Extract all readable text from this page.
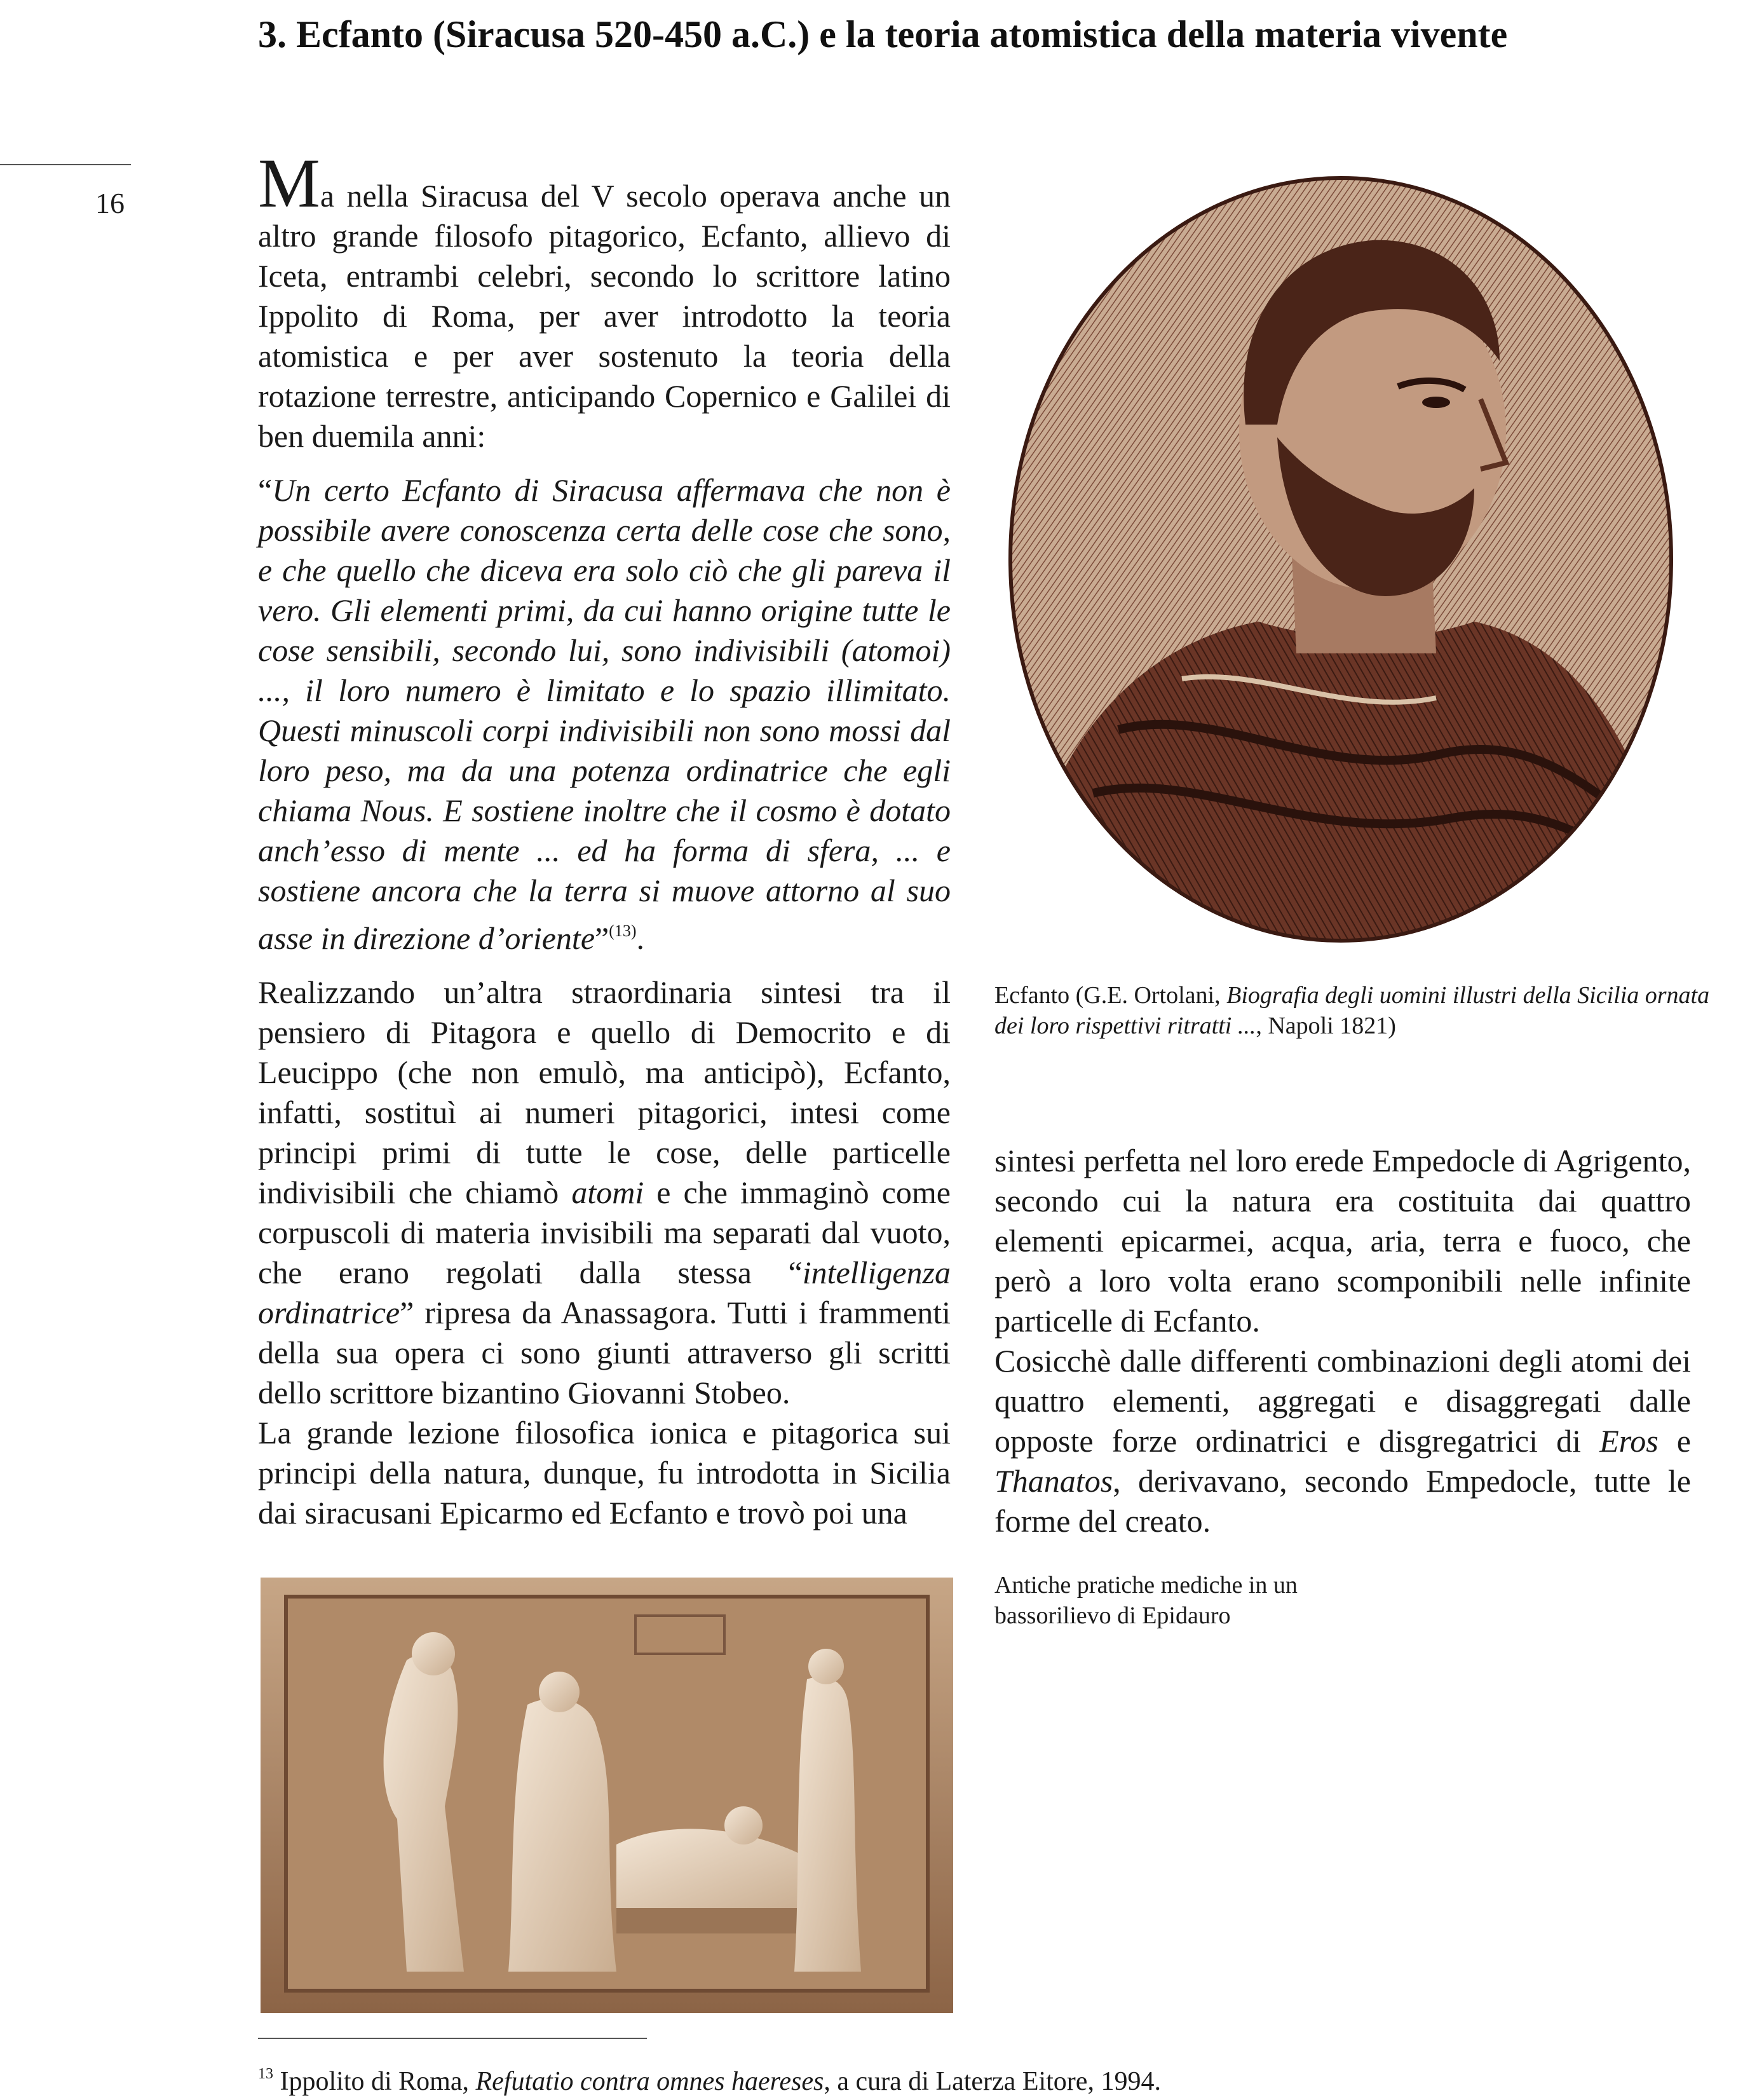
3. Ecfanto (Siracusa 520-450 a.C.) e la teoria atomistica della materia vivente
16 Ma nella Siracusa del V secolo operava anche un altro grande filosofo pitagorico, Ecfanto, allievo di Iceta, entrambi celebri, secondo lo scrittore latino Ippolito di Roma, per aver introdotto la teoria atomistica e per aver sostenuto la teoria della rotazione terrestre, anticipando Copernico e Galilei di ben duemila anni:

“Un certo Ecfanto di Siracusa affermava che non è possibile avere conoscenza certa delle cose che sono, e che quello che diceva era solo ciò che gli pareva il vero. Gli elementi primi, da cui hanno origine tutte le cose sensibili, secondo lui, sono indivisibili (atomoi) ..., il loro numero è limitato e lo spazio illimitato. Questi minuscoli corpi indivisibili non sono mossi dal loro peso, ma da una potenza ordinatrice che egli chiama Nous. E sostiene inoltre che il cosmo è dotato anch’esso di mente ... ed ha forma di sfera, ... e sostiene ancora che la terra si muove attorno al suo asse in direzione d’oriente”$^{(13)}$.

Realizzando un’altra straordinaria sintesi tra il pensiero di Pitagora e quello di Democrito e di Leucippo (che non emulò, ma anticipò), Ecfanto, infatti, sostituì ai numeri pitagorici, intesi come principi primi di tutte le cose, delle particelle indivisibili che chiamò atomi e che immaginò come corpuscoli di materia invisibili ma separati dal vuoto, che erano regolati dalla stessa “intelligenza ordinatrice” ripresa da Anassagora. Tutti i frammenti della sua opera ci sono giunti attraverso gli scritti dello scrittore bizantino Giovanni Stobeo.

La grande lezione filosofica ionica e pitagorica sui principi della natura, dunque, fu introdotta in Sicilia dai siracusani Epicarmo ed Ecfanto e trovò poi una

Ecfanto (G.E. Ortolani, Biografia degli uomini illustri della Sicilia ornata dei loro rispettivi ritratti ..., Napoli 1821)

sintesi perfetta nel loro erede Empedocle di Agrigento, secondo cui la natura era costituita dai quattro elementi epicarmei, acqua, aria, terra e fuoco, che però a loro volta erano scomponibili nelle infinite particelle di Ecfanto.

Cosicchè dalle differenti combinazioni degli atomi dei quattro elementi, aggregati e disaggregati dalle opposte forze ordinatrici e disgregatrici di Eros e Thanatos, derivavano, secondo Empedocle, tutte le forme del creato.

Antiche pratiche mediche in un bassorilievo di Epidauro
$^{13}$ Ippolito di Roma, Refutatio contra omnes haereses, a cura di Laterza Eitore, 1994.
